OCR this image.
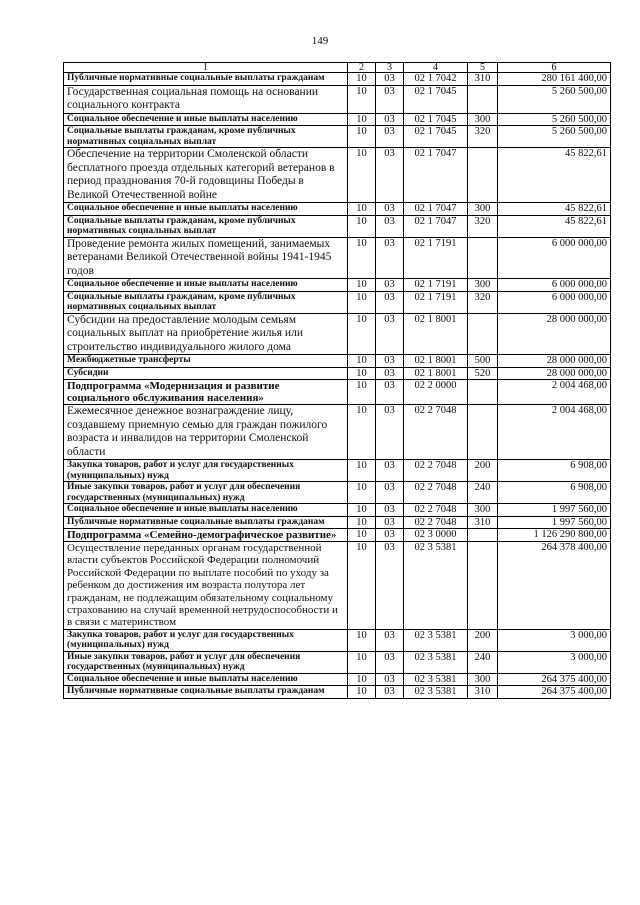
149
1	2	3	4	5	6
Публичные нормативные социальные выплаты гражданам	10	03	02 1 7042	310	280 161 400,00
Государственная социальная помощь на основании социального контракта	10	03	02 1 7045		5 260 500,00
Социальное обеспечение и иные выплаты населению	10	03	02 1 7045	300	5 260 500,00
Социальные выплаты гражданам, кроме публичных нормативных социальных выплат	10	03	02 1 7045	320	5 260 500,00
Обеспечение на территории Смоленской области бесплатного проезда отдельных категорий ветеранов в период празднования 70-й годовщины Победы в Великой Отечественной войне	10	03	02 1 7047		45 822,61
Социальное обеспечение и иные выплаты населению	10	03	02 1 7047	300	45 822,61
Социальные выплаты гражданам, кроме публичных нормативных социальных выплат	10	03	02 1 7047	320	45 822,61
Проведение ремонта жилых помещений, занимаемых ветеранами Великой Отечественной войны 1941-1945 годов	10	03	02 1 7191		6 000 000,00
Социальное обеспечение и иные выплаты населению	10	03	02 1 7191	300	6 000 000,00
Социальные выплаты гражданам, кроме публичных нормативных социальных выплат	10	03	02 1 7191	320	6 000 000,00
Субсидии на предоставление молодым семьям социальных выплат на приобретение жилья или строительство индивидуального жилого дома	10	03	02 1 8001		28 000 000,00
Межбюджетные трансферты	10	03	02 1 8001	500	28 000 000,00
Субсидии	10	03	02 1 8001	520	28 000 000,00
Подпрограмма «Модернизация и развитие социального обслуживания населения»	10	03	02 2 0000		2 004 468,00
Ежемесячное денежное вознаграждение лицу, создавшему приемную семью для граждан пожилого возраста и инвалидов на территории Смоленской области	10	03	02 2 7048		2 004 468,00
Закупка товаров, работ и услуг для государственных (муниципальных) нужд	10	03	02 2 7048	200	6 908,00
Иные закупки товаров, работ и услуг для обеспечения государственных (муниципальных) нужд	10	03	02 2 7048	240	6 908,00
Социальное обеспечение и иные выплаты населению	10	03	02 2 7048	300	1 997 560,00
Публичные нормативные социальные выплаты гражданам	10	03	02 2 7048	310	1 997 560,00
Подпрограмма «Семейно-демографическое развитие»	10	03	02 3 0000		1 126 290 800,00
Осуществление переданных органам государственной власти субъектов Российской Федерации полномочий Российской Федерации по выплате пособий по уходу за ребенком до достижения им возраста полутора лет гражданам, не подлежащим обязательному социальному страхованию на случай временной нетрудоспособности и в связи с материнством	10	03	02 3 5381		264 378 400,00
Закупка товаров, работ и услуг для государственных (муниципальных) нужд	10	03	02 3 5381	200	3 000,00
Иные закупки товаров, работ и услуг для обеспечения государственных (муниципальных) нужд	10	03	02 3 5381	240	3 000,00
Социальное обеспечение и иные выплаты населению	10	03	02 3 5381	300	264 375 400,00
Публичные нормативные социальные выплаты гражданам	10	03	02 3 5381	310	264 375 400,00
